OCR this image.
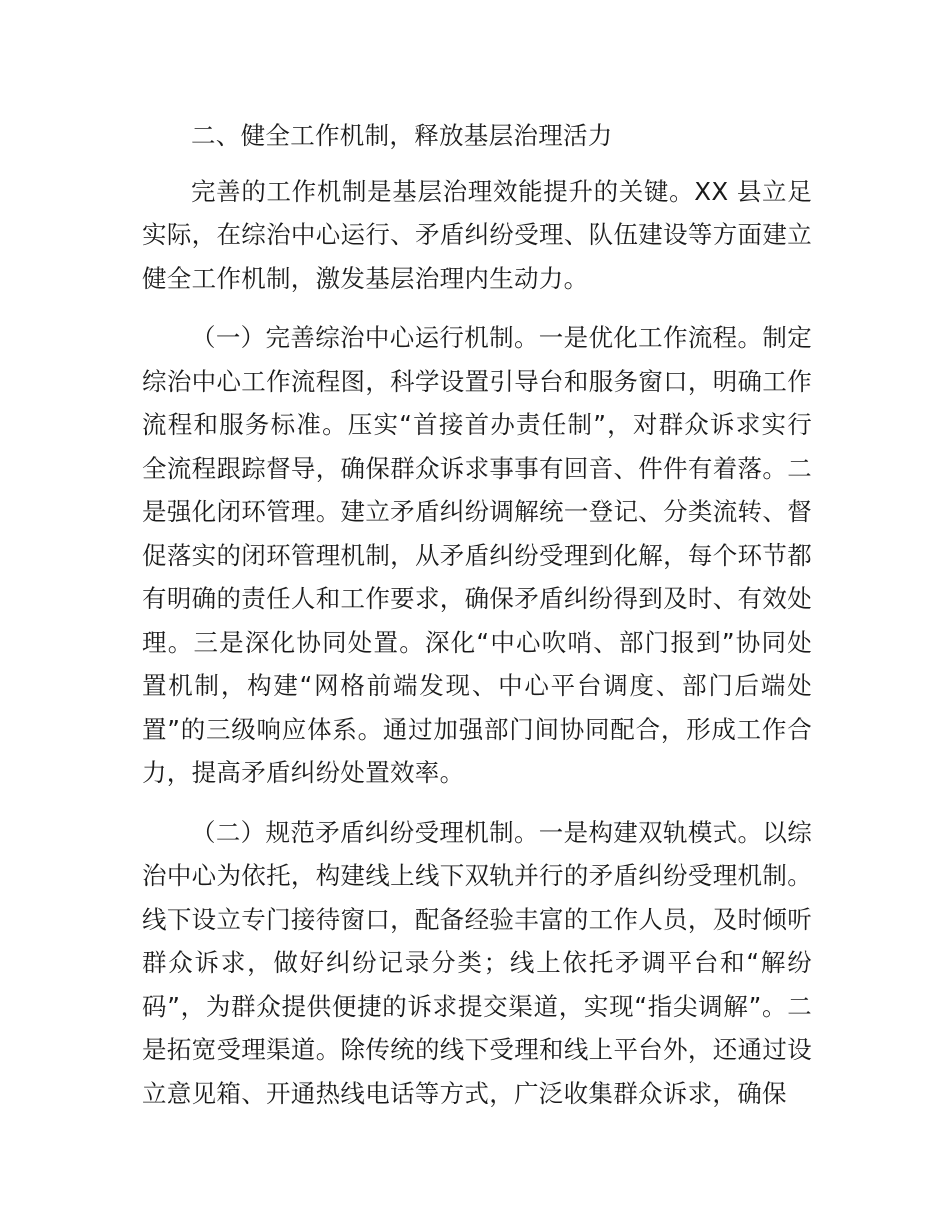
二、健全工作机制，释放基层治理活力

完善的工作机制是基层治理效能提升的关键。XX 县立足实际，在综治中心运行、矛盾纠纷受理、队伍建设等方面建立健全工作机制，激发基层治理内生动力。

（一）完善综治中心运行机制。一是优化工作流程。制定综治中心工作流程图，科学设置引导台和服务窗口，明确工作流程和服务标准。压实“首接首办责任制”，对群众诉求实行全流程跟踪督导，确保群众诉求事事有回音、件件有着落。二是强化闭环管理。建立矛盾纠纷调解统一登记、分类流转、督促落实的闭环管理机制，从矛盾纠纷受理到化解，每个环节都有明确的责任人和工作要求，确保矛盾纠纷得到及时、有效处理。三是深化协同处置。深化“中心吹哨、部门报到”协同处置机制，构建“网格前端发现、中心平台调度、部门后端处置”的三级响应体系。通过加强部门间协同配合，形成工作合力，提高矛盾纠纷处置效率。

（二）规范矛盾纠纷受理机制。一是构建双轨模式。以综治中心为依托，构建线上线下双轨并行的矛盾纠纷受理机制。线下设立专门接待窗口，配备经验丰富的工作人员，及时倾听群众诉求，做好纠纷记录分类；线上依托矛调平台和“解纷码”，为群众提供便捷的诉求提交渠道，实现“指尖调解”。二是拓宽受理渠道。除传统的线下受理和线上平台外，还通过设立意见箱、开通热线电话等方式，广泛收集群众诉求，确保
